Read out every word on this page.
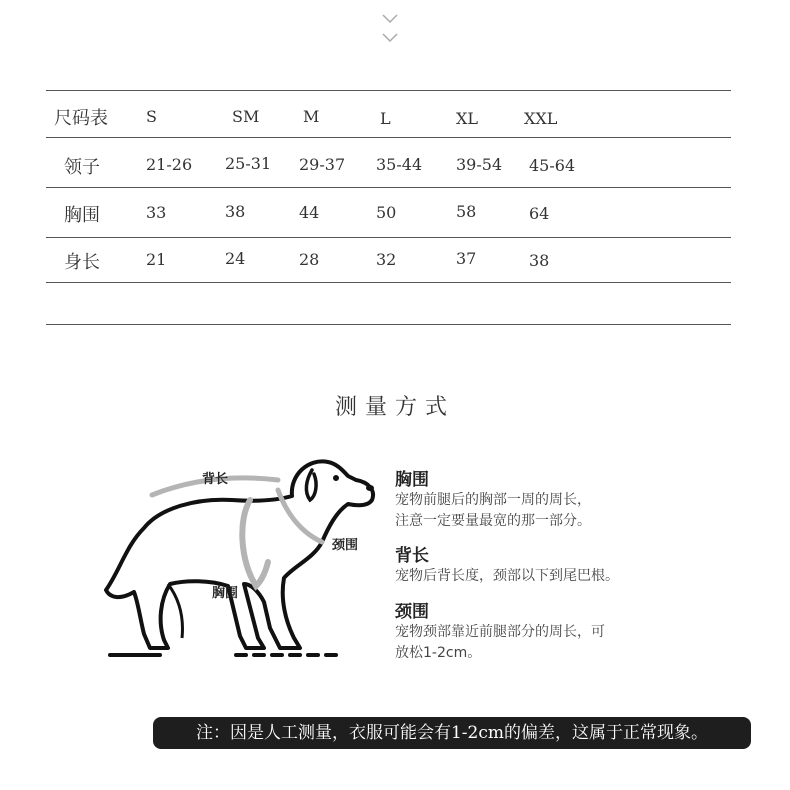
尺码表 S	SM	M	L	XL	XXL
领子	21-26 25-31 29-37 35-44 39-54 45-64
胸围	33	38	44	50	58	64
身长	21	24	28	32	37	38
测量方式
背长
颈围
胸围
胸围
宠物前腿后的胸部一周的周长，
注意一定要量最宽的那一部分。
背长
宠物后背长度，颈部以下到尾巴根。
颈围
宠物颈部靠近前腿部分的周长，可
放松1-2cm。
注：因是人工测量，衣服可能会有1-2cm的偏差，这属于正常现象。
